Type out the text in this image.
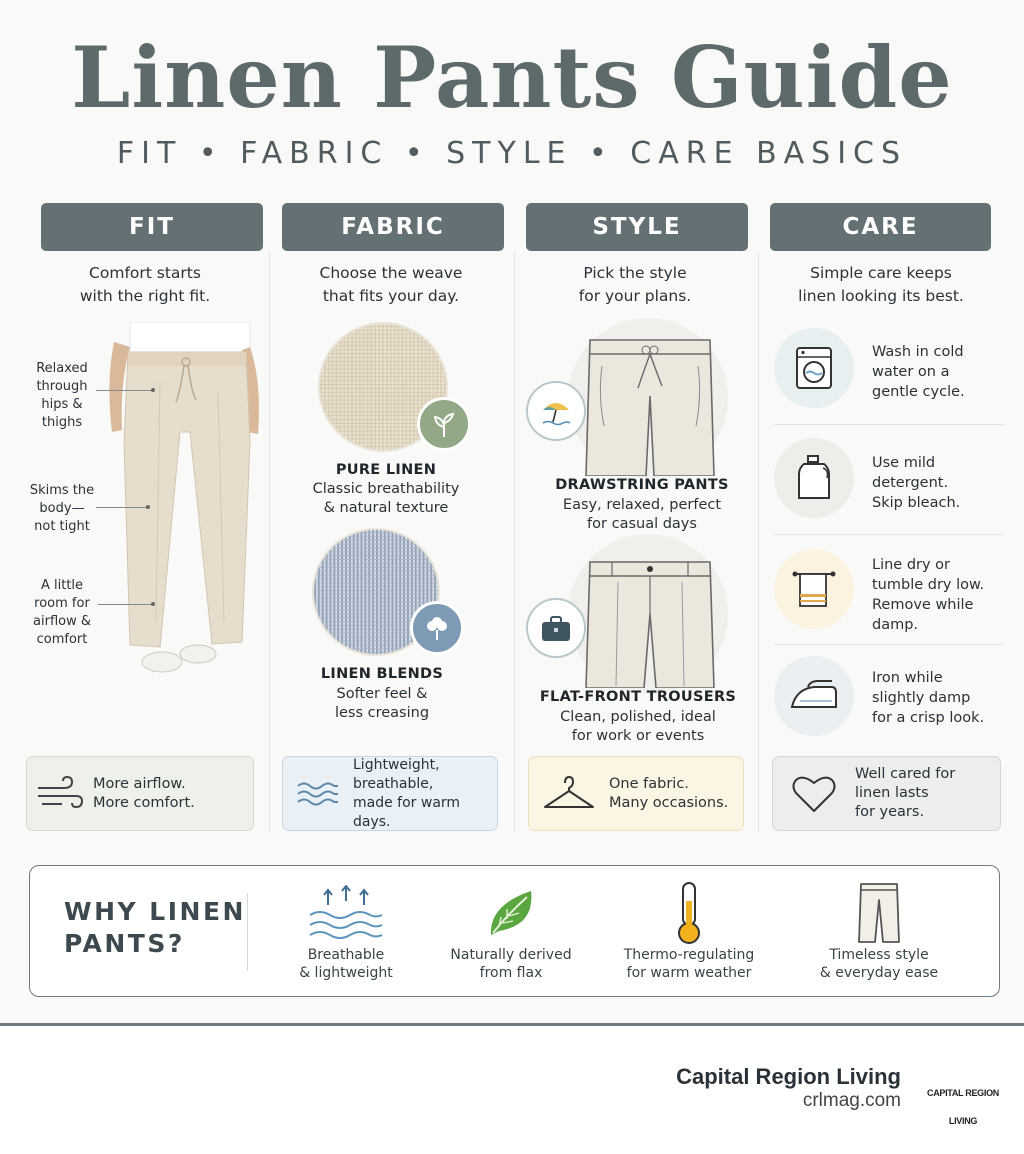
Linen Pants Guide
FIT • FABRIC • STYLE • CARE BASICS
FIT	FABRIC	STYLE	CARE
Comfort starts
with the right fit.
Choose the weave
that fits your day.
Pick the style
for your plans.
Simple care keeps
linen looking its best.
Relaxed
through
hips &
thighs
Skims the
body—
not tight
A little
room for
airflow &
comfort
PURE LINEN
Classic breathability
& natural texture
LINEN BLENDS
Softer feel &
less creasing
DRAWSTRING PANTS
Easy, relaxed, perfect
for casual days
FLAT-FRONT TROUSERS
Clean, polished, ideal
for work or events
Wash in cold
water on a
gentle cycle.
Use mild
detergent.
Skip bleach.
Line dry or
tumble dry low.
Remove while
damp.
Iron while
slightly damp
for a crisp look.
More airflow.
More comfort.
Lightweight,
breathable,
made for warm days.
One fabric.
Many occasions.
Well cared for
linen lasts
for years.
WHY LINEN
PANTS?	Breathable
& lightweight
Naturally derived
from flax
Thermo-regulating
for warm weather
Timeless style
& everyday ease
Capital Region Living
crlmag.com	CAPITAL REGION LIVING
